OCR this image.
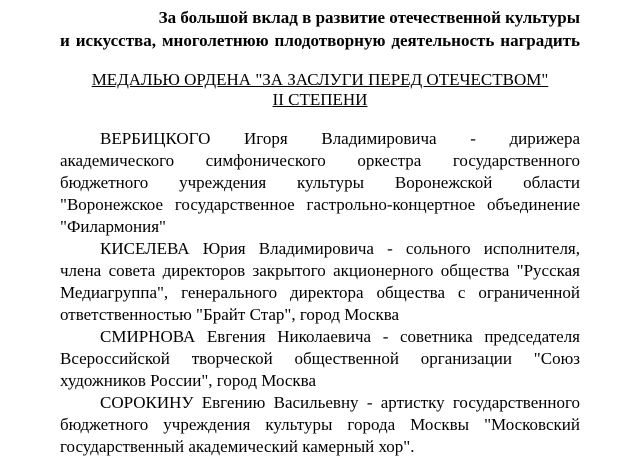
За большой вклад в развитие отечественной культуры
и искусства, многолетнюю плодотворную деятельность наградить
МЕДАЛЬЮ ОРДЕНА "ЗА ЗАСЛУГИ ПЕРЕД ОТЕЧЕСТВОМ"
II СТЕПЕНИ

ВЕРБИЦКОГО Игоря Владимировича - дирижера
академического симфонического оркестра государственного
бюджетного учреждения культуры Воронежской области
"Воронежское государственное гастрольно-концертное объединение
"Филармония"

КИСЕЛЕВА Юрия Владимировича - сольного исполнителя,
члена совета директоров закрытого акционерного общества "Русская
Медиагруппа", генерального директора общества с ограниченной
ответственностью "Брайт Стар", город Москва

СМИРНОВА Евгения Николаевича - советника председателя
Всероссийской творческой общественной организации "Союз
художников России", город Москва

СОРОКИНУ Евгению Васильевну - артистку государственного
бюджетного учреждения культуры города Москвы "Московский
государственный академический камерный хор".
